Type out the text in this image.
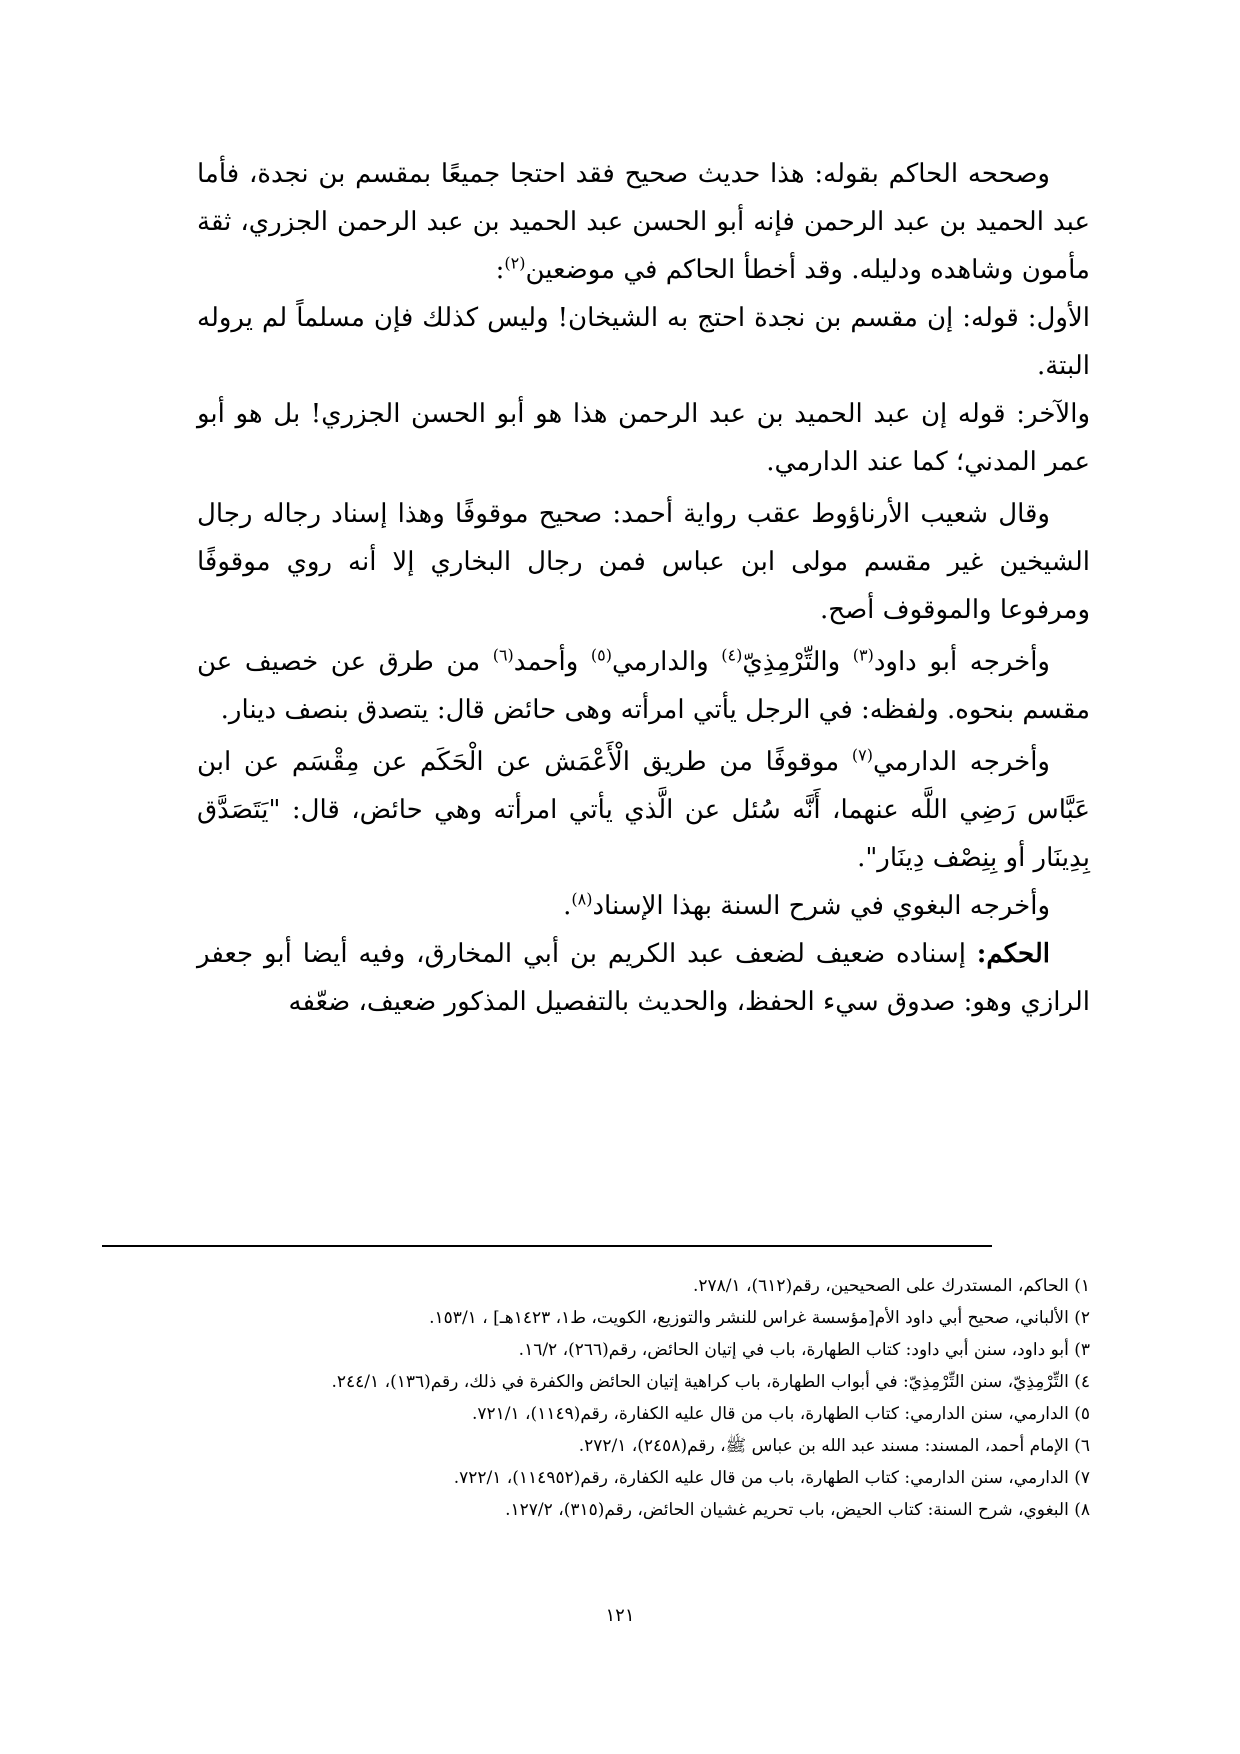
وصححه الحاكم بقوله: هذا حديث صحيح فقد احتجا جميعًا بمقسم بن نجدة، فأما عبد الحميد بن عبد الرحمن فإنه أبو الحسن عبد الحميد بن عبد الرحمن الجزري، ثقة مأمون وشاهده ودليله. وقد أخطأ الحاكم في موضعين$^{(٢)}$:

الأول: قوله: إن مقسم بن نجدة احتج به الشيخان! وليس كذلك فإن مسلماً لم يروله البتة.

والآخر: قوله إن عبد الحميد بن عبد الرحمن هذا هو أبو الحسن الجزري! بل هو أبو عمر المدني؛ كما عند الدارمي.

وقال شعيب الأرناؤوط عقب رواية أحمد: صحيح موقوفًا وهذا إسناد رجاله رجال الشيخين غير مقسم مولى ابن عباس فمن رجال البخاري إلا أنه روي موقوفًا ومرفوعا والموقوف أصح.

وأخرجه أبو داود$^{(٣)}$ والتِّرْمِذِيّ$^{(٤)}$ والدارمي$^{(٥)}$ وأحمد$^{(٦)}$ من طرق عن خصيف عن مقسم بنحوه. ولفظه: في الرجل يأتي امرأته وهى حائض قال: يتصدق بنصف دينار.

وأخرجه الدارمي$^{(٧)}$ موقوفًا من طريق الْأَعْمَش عن الْحَكَم عن مِقْسَم عن ابن عَبَّاس رَضِي اللَّه عنهما، أَنَّه سُئل عن الَّذي يأتي امرأته وهي حائض، قال: "يَتَصَدَّق بِدِينَار أو بِنِصْف دِينَار".

وأخرجه البغوي في شرح السنة بهذا الإسناد$^{(٨)}$.

الحكم: إسناده ضعيف لضعف عبد الكريم بن أبي المخارق، وفيه أيضا أبو جعفر الرازي وهو: صدوق سيء الحفظ، والحديث بالتفصيل المذكور ضعيف، ضعّفه

١) الحاكم، المستدرك على الصحيحين، رقم(٦١٢)، ٢٧٨/١.
٢) الألباني، صحيح أبي داود الأم[مؤسسة غراس للنشر والتوزيع، الكويت، ط١، ١٤٢٣هـ] ، ١٥٣/١.
٣) أبو داود، سنن أبي داود: كتاب الطهارة، باب في إتيان الحائض، رقم(٢٦٦)، ١٦/٢.
٤) التِّرْمِذِيّ، سنن التِّرْمِذِيّ: في أبواب الطهارة، باب كراهية إتيان الحائض والكفرة في ذلك، رقم(١٣٦)، ٢٤٤/١.
٥) الدارمي، سنن الدارمي: كتاب الطهارة، باب من قال عليه الكفارة، رقم(١١٤٩)، ٧٢١/١.
٦) الإمام أحمد، المسند: مسند عبد الله بن عباس ﷺ، رقم(٢٤٥٨)، ٢٧٢/١.
٧) الدارمي، سنن الدارمي: كتاب الطهارة، باب من قال عليه الكفارة، رقم(١١٤٩٥٢)، ٧٢٢/١.
٨) البغوي، شرح السنة: كتاب الحيض، باب تحريم غشيان الحائض، رقم(٣١٥)، ١٢٧/٢.
١٢١
